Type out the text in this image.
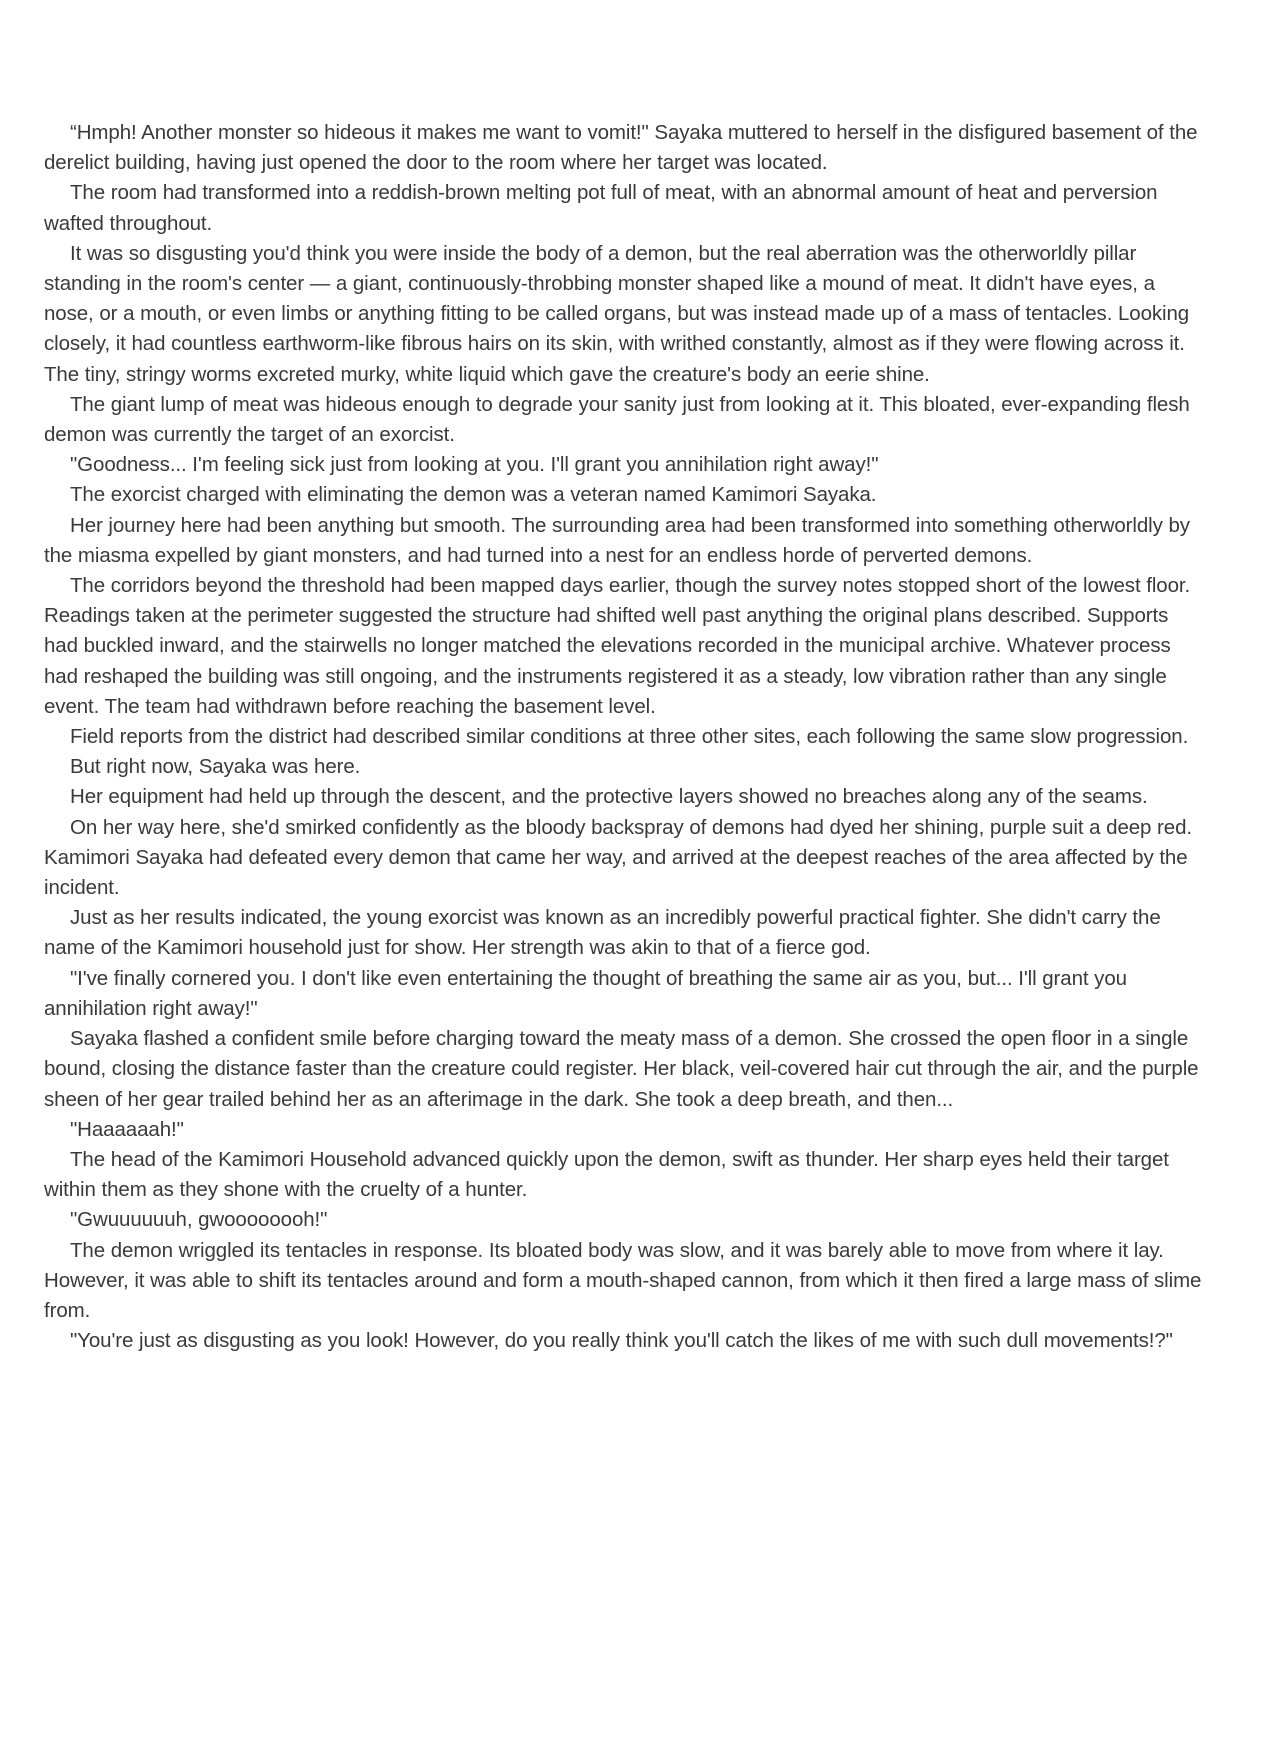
“Hmph! Another monster so hideous it makes me want to vomit!" Sayaka muttered to herself in the disfigured basement of the derelict building, having just opened the door to the room where her target was located.

The room had transformed into a reddish-brown melting pot full of meat, with an abnormal amount of heat and perversion wafted throughout.

It was so disgusting you'd think you were inside the body of a demon, but the real aberration was the otherworldly pillar standing in the room's center — a giant, continuously-throbbing monster shaped like a mound of meat. It didn't have eyes, a nose, or a mouth, or even limbs or anything fitting to be called organs, but was instead made up of a mass of tentacles. Looking closely, it had countless earthworm-like fibrous hairs on its skin, with writhed constantly, almost as if they were flowing across it. The tiny, stringy worms excreted murky, white liquid which gave the creature's body an eerie shine.

The giant lump of meat was hideous enough to degrade your sanity just from looking at it. This bloated, ever-expanding flesh demon was currently the target of an exorcist.

"Goodness... I'm feeling sick just from looking at you. I'll grant you annihilation right away!"

The exorcist charged with eliminating the demon was a veteran named Kamimori Sayaka.

Her journey here had been anything but smooth. The surrounding area had been transformed into something otherworldly by the miasma expelled by giant monsters, and had turned into a nest for an endless horde of perverted demons.

The corridors beyond the threshold had been mapped days earlier, though the survey notes stopped short of the lowest floor. Readings taken at the perimeter suggested the structure had shifted well past anything the original plans described. Supports had buckled inward, and the stairwells no longer matched the elevations recorded in the municipal archive. Whatever process had reshaped the building was still ongoing, and the instruments registered it as a steady, low vibration rather than any single event. The team had withdrawn before reaching the basement level.

Field reports from the district had described similar conditions at three other sites, each following the same slow progression.

But right now, Sayaka was here.

Her equipment had held up through the descent, and the protective layers showed no breaches along any of the seams.

On her way here, she'd smirked confidently as the bloody backspray of demons had dyed her shining, purple suit a deep red. Kamimori Sayaka had defeated every demon that came her way, and arrived at the deepest reaches of the area affected by the incident.

Just as her results indicated, the young exorcist was known as an incredibly powerful practical fighter. She didn't carry the name of the Kamimori household just for show. Her strength was akin to that of a fierce god.

"I've finally cornered you. I don't like even entertaining the thought of breathing the same air as you, but... I'll grant you annihilation right away!"

Sayaka flashed a confident smile before charging toward the meaty mass of a demon. She crossed the open floor in a single bound, closing the distance faster than the creature could register. Her black, veil-covered hair cut through the air, and the purple sheen of her gear trailed behind her as an afterimage in the dark. She took a deep breath, and then...

"Haaaaaah!"

The head of the Kamimori Household advanced quickly upon the demon, swift as thunder. Her sharp eyes held their target within them as they shone with the cruelty of a hunter.

"Gwuuuuuuh, gwoooooooh!"

The demon wriggled its tentacles in response. Its bloated body was slow, and it was barely able to move from where it lay. However, it was able to shift its tentacles around and form a mouth-shaped cannon, from which it then fired a large mass of slime from.

"You're just as disgusting as you look! However, do you really think you'll catch the likes of me with such dull movements!?"
